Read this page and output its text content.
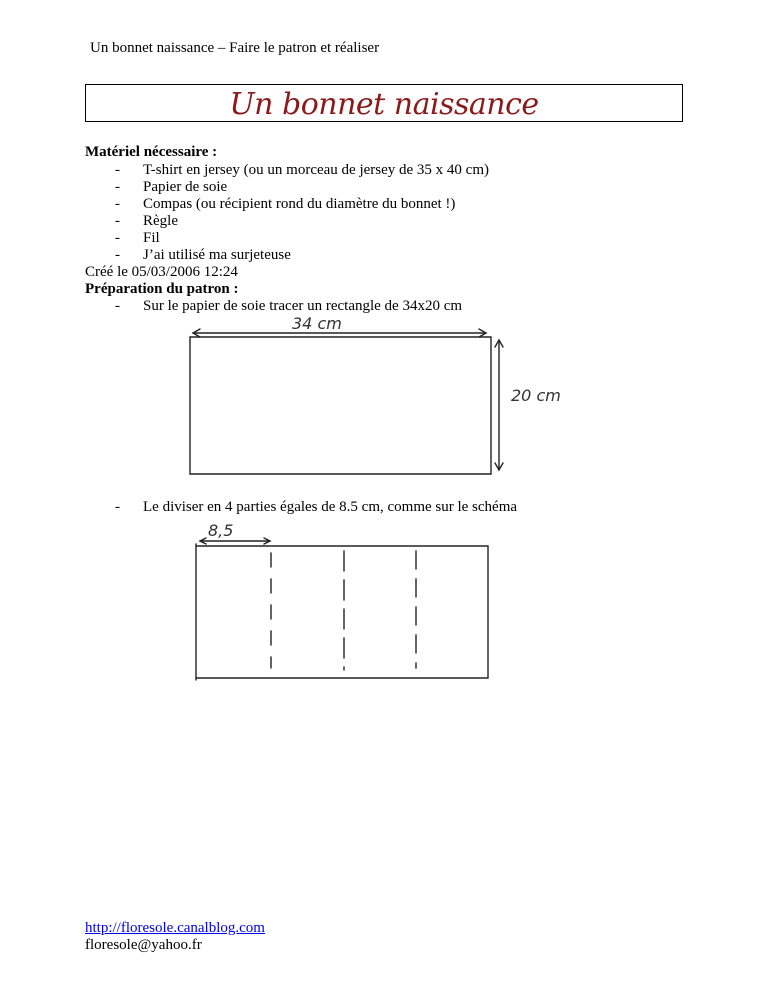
Un bonnet naissance – Faire le patron et réaliser
Un bonnet naissance
Matériel nécessaire :
- T-shirt en jersey (ou un morceau de jersey de 35 x 40 cm)
- Papier de soie
- Compas (ou récipient rond du diamètre du bonnet !)
- Règle
- Fil
- J’ai utilisé ma surjeteuse
Créé le 05/03/2006 12:24
Préparation du patron :
- Sur le papier de soie tracer un rectangle de 34x20 cm
34 cm
20 cm
8,5
- Le diviser en 4 parties égales de 8.5 cm, comme sur le schéma
http://floresole.canalblog.com
floresole@yahoo.fr
